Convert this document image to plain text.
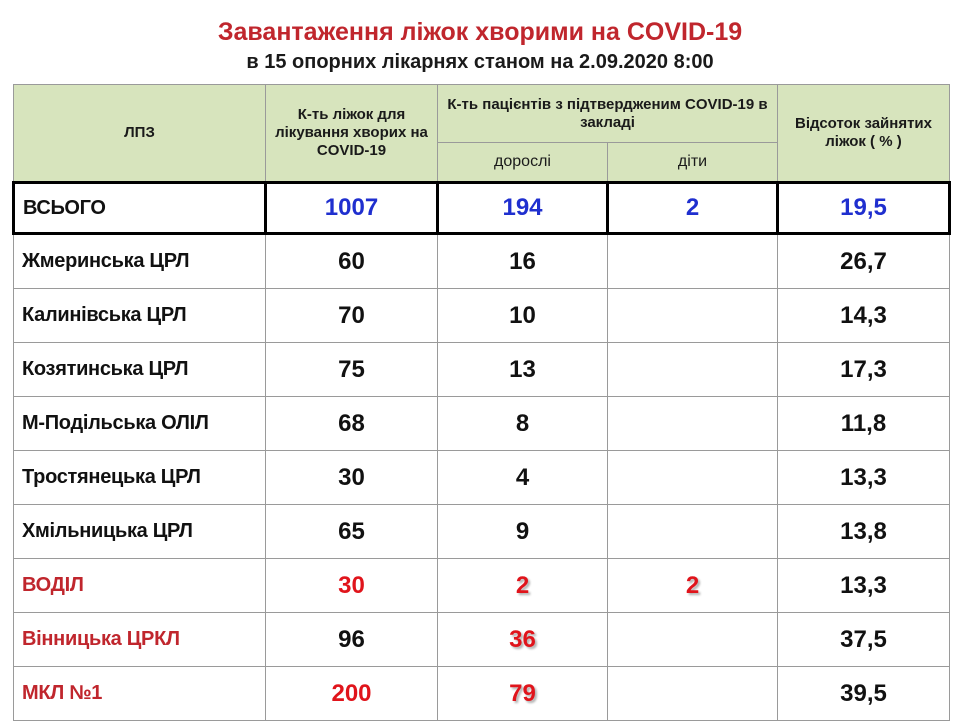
Завантаження ліжок хворими на COVID-19
в 15 опорних лікарнях станом на 2.09.2020 8:00
ЛПЗ	К-ть ліжок для лікування хворих на COVID-19	К-ть пацієнтів з підтвердженим COVID-19 в закладі		Відсоток зайнятих ліжок ( % )
		дорослі	діти	
ВСЬОГО	1007	194	2	19,5
Жмеринська ЦРЛ	60	16		26,7
Калинівська ЦРЛ	70	10		14,3
Козятинська ЦРЛ	75	13		17,3
М-Подільська ОЛІЛ	68	8		11,8
Тростянецька ЦРЛ	30	4		13,3
Хмільницька ЦРЛ	65	9		13,8
ВОДІЛ	30	2	2	13,3
Вінницька ЦРКЛ	96	36		37,5
МКЛ №1	200	79		39,5
